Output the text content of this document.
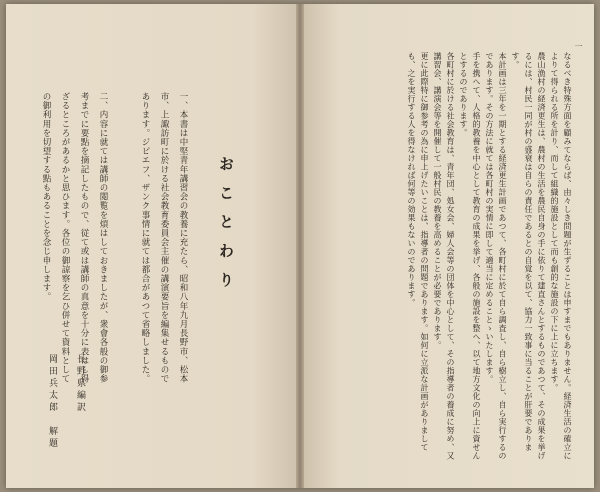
おことわり

一、本書は中堅青年講習会の教養に充たら、昭和八年九月長野市、松本市、上諏訪町に於ける社会教育委員会主催の講演要旨を編集せるものであります。ジピエフ、ザンク事情に就ては都合があつて省略しました。

二、内容に就ては講師の閲覧を煩はしておきましたが、衆會各般の御参考までに要點を摘記したもので、従て或は講師の真意を十分に表はし得ざるところがあるかと思ひます。各位の御諒察を乞ひ併せて資料としての御利用を切望する點もあることを念じ申します。

長野県編訳
岡田兵太郎　解題
一

なるべき特殊方面を顧みてならば、由々しき問題が生ずることは申すまでもありません。経済生活の確立によりて得られる所を計り、而して組織的施設として而も創的な施設の下に上に立ちます。

農山漁村の経済更生は、農村の生活を農民自身の手に依りて建直さんとするものであつて、その成果を挙げるには、村民一同が村の盛衰は自らの責任であるとの自覚を以て、協力一致事に当ることが肝要であります。

本計画は三年を一期とする経済更生計画であつて、各町村に於て自ら調査し、自ら樹立し、自ら実行するのであります。その方法に就ては各町村の実情に即して適当に定めることゝいたします。

手を携へて、人格的教養を中心として教育の成果を挙げ、各般の施設を整へ、以て地方文化の向上に資せんとするのであります。

各町村に於ける社会教育は、青年団、処女会、婦人会等の団体を中心として、その指導者の養成に努め、又講習会、講演会等を開催して一般村民の教養を高めることが必要であります。

更に此際特に御参考の為に申上げたいことは、指導者の問題であります。如何に立派な計画がありましても、之を実行する人を得なければ何等の効果もないのであります。
